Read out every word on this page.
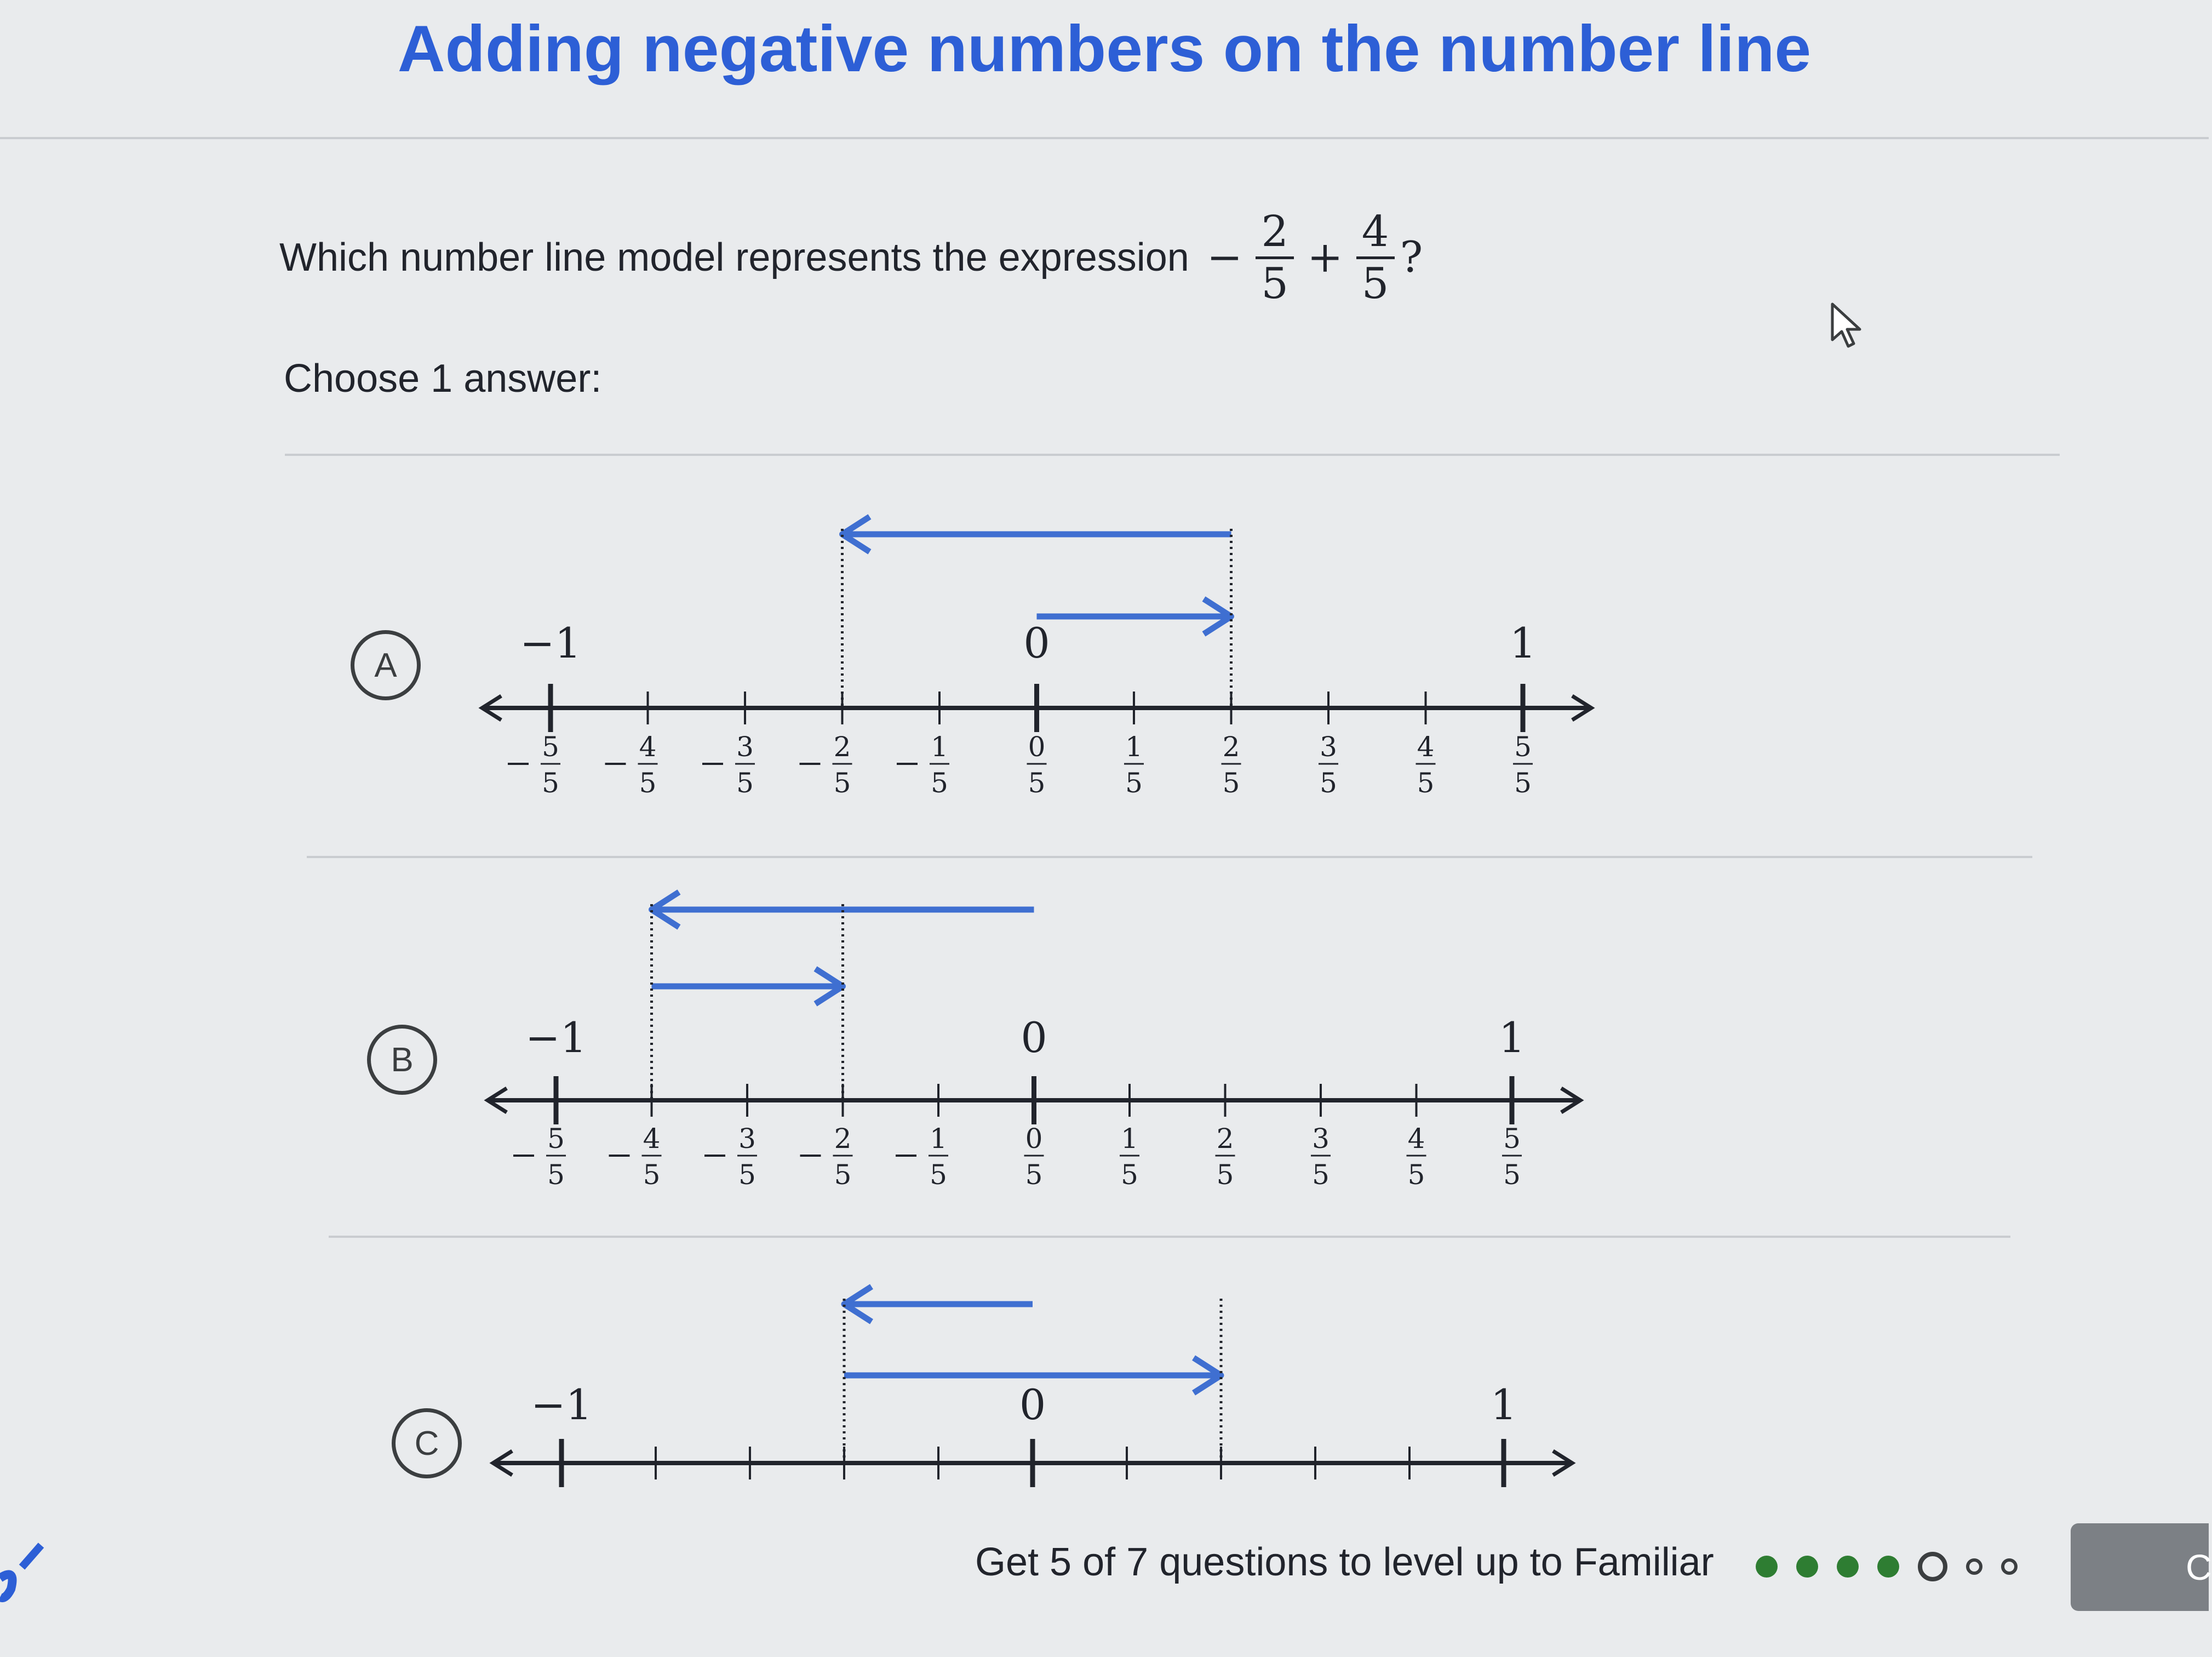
Adding negative numbers on the number line
Which number line model represents the expression −
2
5
+
4
5
?
Choose 1 answer:
A	−1	0	1
5
5
4
5
3
5
2
5
1
5
0
5
1
5
2
5
3
5
4
5
5
5
B	−1	0	1
5
5
4
5
3
5
2
5
1
5
0
5
1
5
2
5
3
5
4
5
5
5
C
−1	0	1
Get 5 of 7 questions to level up to Familiar	C
